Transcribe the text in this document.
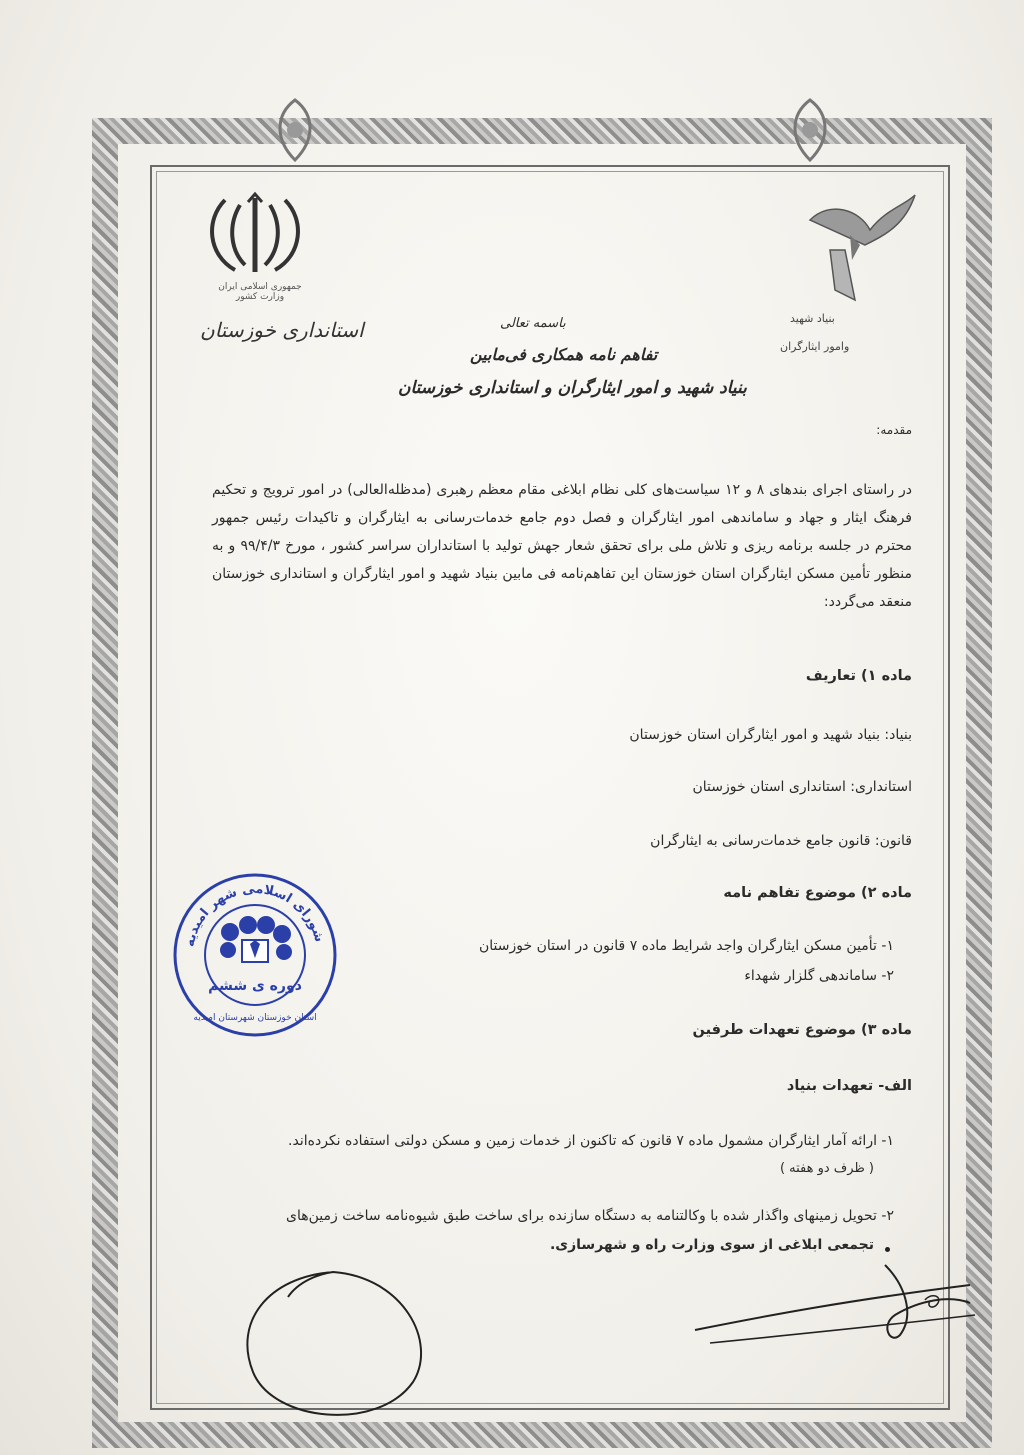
جمهوری اسلامی ایران
وزارت کشور
استانداری خوزستان	بنیاد شهید
وامور ایثارگران
باسمه تعالی
تفاهم نامه همکاری فی‌مابین
بنیاد شهید و امور ایثارگران و استانداری خوزستان
مقدمه:
در راستای اجرای بندهای ۸ و ۱۲ سیاست‌های کلی نظام ابلاغی مقام معظم رهبری (مدظله‌العالی) در امور ترویج و تحکیم فرهنگ ایثار و جهاد و ساماندهی امور ایثارگران و فصل دوم جامع خدمات‌رسانی به ایثارگران و تاکیدات رئیس جمهور محترم در جلسه برنامه ریزی و تلاش ملی برای تحقق شعار جهش تولید با استانداران سراسر کشور ، مورخ ۹۹/۴/۳ و به منظور تأمین مسکن ایثارگران استان خوزستان این تفاهم‌نامه فی مابین بنیاد شهید و امور ایثارگران و استانداری خوزستان منعقد می‌گردد:
ماده ۱) تعاریف
بنیاد: بنیاد شهید و امور ایثارگران استان خوزستان
استانداری: استانداری استان خوزستان
قانون: قانون جامع خدمات‌رسانی به ایثارگران
ماده ۲) موضوع تفاهم نامه
۱- تأمین مسکن ایثارگران واجد شرایط ماده ۷ قانون در استان خوزستان
۲- ساماندهی گلزار شهداء
ماده ۳) موضوع تعهدات طرفین
الف- تعهدات بنیاد
۱- ارائه آمار ایثارگران مشمول ماده ۷ قانون که تاکنون از خدمات زمین و مسکن دولتی استفاده نکرده‌اند.
( ظرف دو هفته )
۲- تحویل زمینهای واگذار شده با وکالتنامه به دستگاه سازنده برای ساخت طبق شیوه‌نامه ساخت زمین‌های
تجمعی ابلاغی از سوی وزارت راه و شهرسازی.
شورای اسلامی شهر امیدیه
دوره ی ششم
استان خوزستان شهرستان امیدیه
